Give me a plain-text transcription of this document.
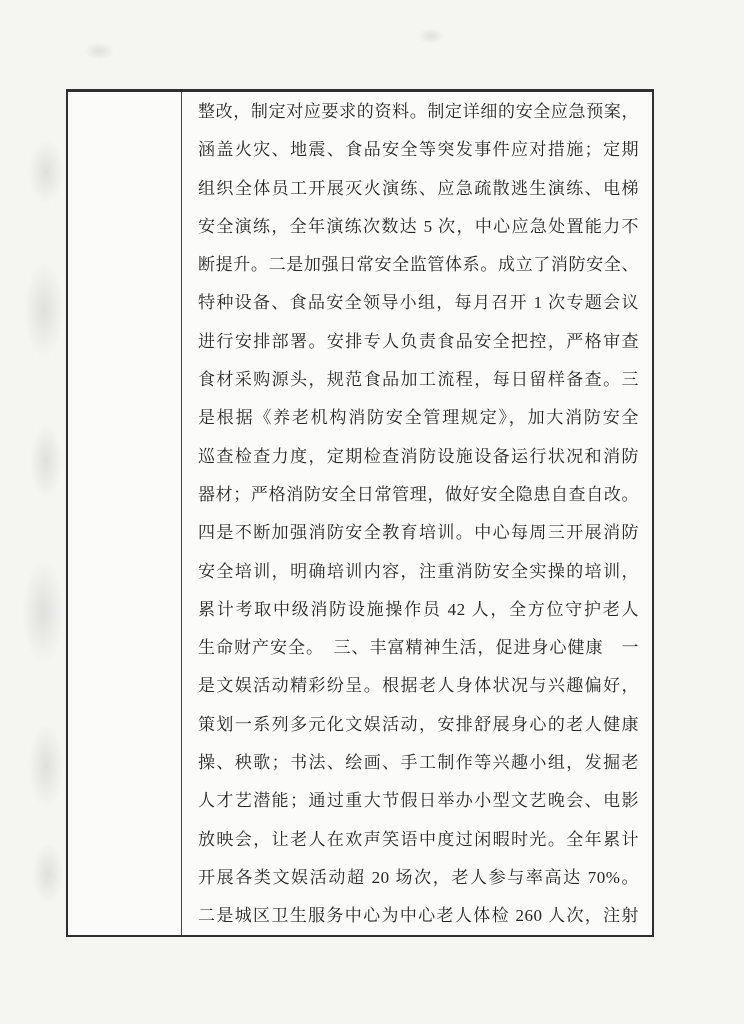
整改，制定对应要求的资料。制定详细的安全应急预案，
涵盖火灾、地震、食品安全等突发事件应对措施；定期
组织全体员工开展灭火演练、应急疏散逃生演练、电梯
安全演练，全年演练次数达 5 次，中心应急处置能力不
断提升。二是加强日常安全监管体系。成立了消防安全、
特种设备、食品安全领导小组，每月召开 1 次专题会议
进行安排部署。安排专人负责食品安全把控，严格审查
食材采购源头，规范食品加工流程，每日留样备查。三
是根据《养老机构消防安全管理规定》，加大消防安全
巡查检查力度，定期检查消防设施设备运行状况和消防
器材；严格消防安全日常管理，做好安全隐患自查自改。
四是不断加强消防安全教育培训。中心每周三开展消防
安全培训，明确培训内容，注重消防安全实操的培训，
累计考取中级消防设施操作员 42 人，全方位守护老人
生命财产安全。　三、丰富精神生活，促进身心健康　一
是文娱活动精彩纷呈。根据老人身体状况与兴趣偏好，
策划一系列多元化文娱活动，安排舒展身心的老人健康
操、秧歌；书法、绘画、手工制作等兴趣小组，发掘老
人才艺潜能；通过重大节假日举办小型文艺晚会、电影
放映会，让老人在欢声笑语中度过闲暇时光。全年累计
开展各类文娱活动超 20 场次，老人参与率高达 70%。
二是城区卫生服务中心为中心老人体检 260 人次，注射
